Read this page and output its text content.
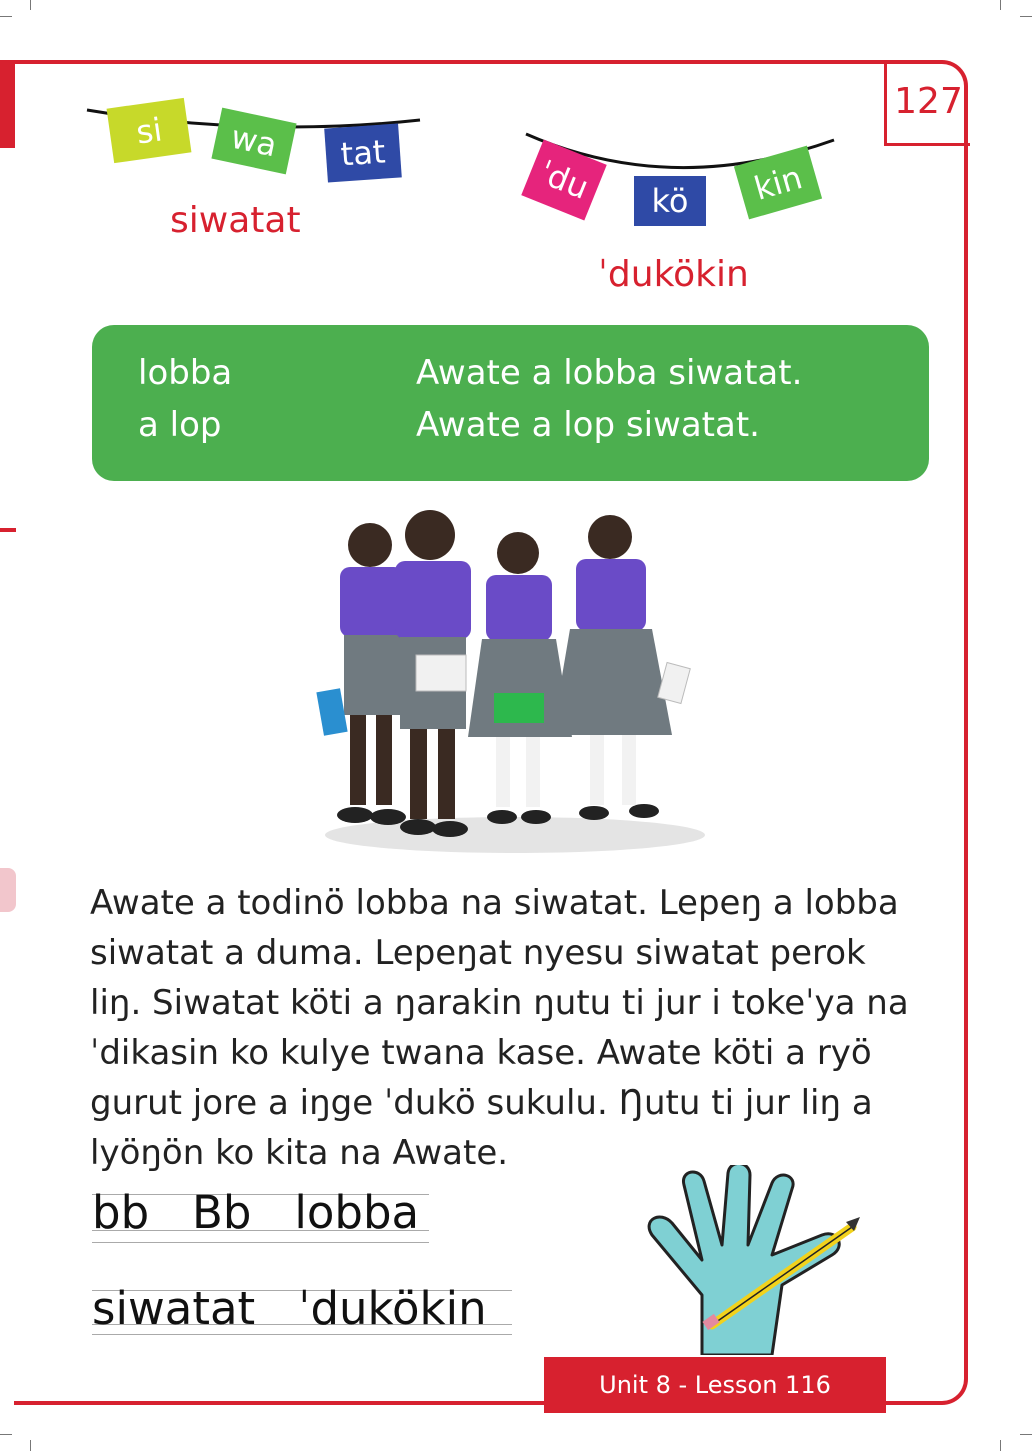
127
si wa tat
siwatat
ˈdu kö kin
ˈdukökin
lobba	Awate a lobba siwatat.
a lop	Awate a lop siwatat.

Awate a todinö lobba na siwatat. Lepeŋ a lobba

siwatat a duma. Lepeŋat nyesu siwatat perok

liŋ. Siwatat köti a ŋarakin ŋutu ti jur i tokeˈya na

ˈdikasin ko kulye twana kase. Awate köti a ryö

gurut jore a iŋge ˈdukö sukulu. Ŋutu ti jur liŋ a

lyöŋön ko kita na Awate.

bb   Bb   lobba
siwatat   ˈdukökin
Unit 8 - Lesson 116
